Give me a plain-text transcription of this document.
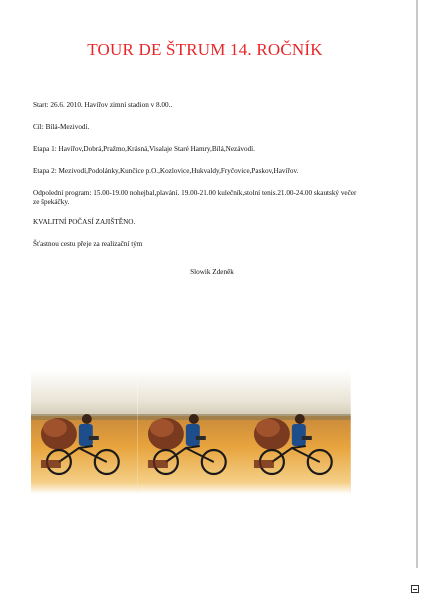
TOUR DE ŠTRUM 14. ROČNÍK

Start: 26.6. 2010. Havířov zimní stadion v 8.00..

Cíl: Bílá-Mezivodí.

Etapa 1: Havířov,Dobrá,Pražmo,Krásná,Visalaje Staré Hamry,Bílá,Nezávodí.

Etapa 2: Mezivodí,Podolánky,Kunčice p.O.,Kozlovice,Hukvaldy,Fryčovice,Paskov,Havířov.

Odpolední program: 15.00-19.00 nohejbal,plavání. 19.00-21.00 kulečník,stolní tenis.21.00-24.00 skautský večer ze špekáčky.

KVALITNÍ POČASÍ ZAJIŠTĚNO.

Šťastnou cestu přeje za realizační tým

Slowik Zdeněk
